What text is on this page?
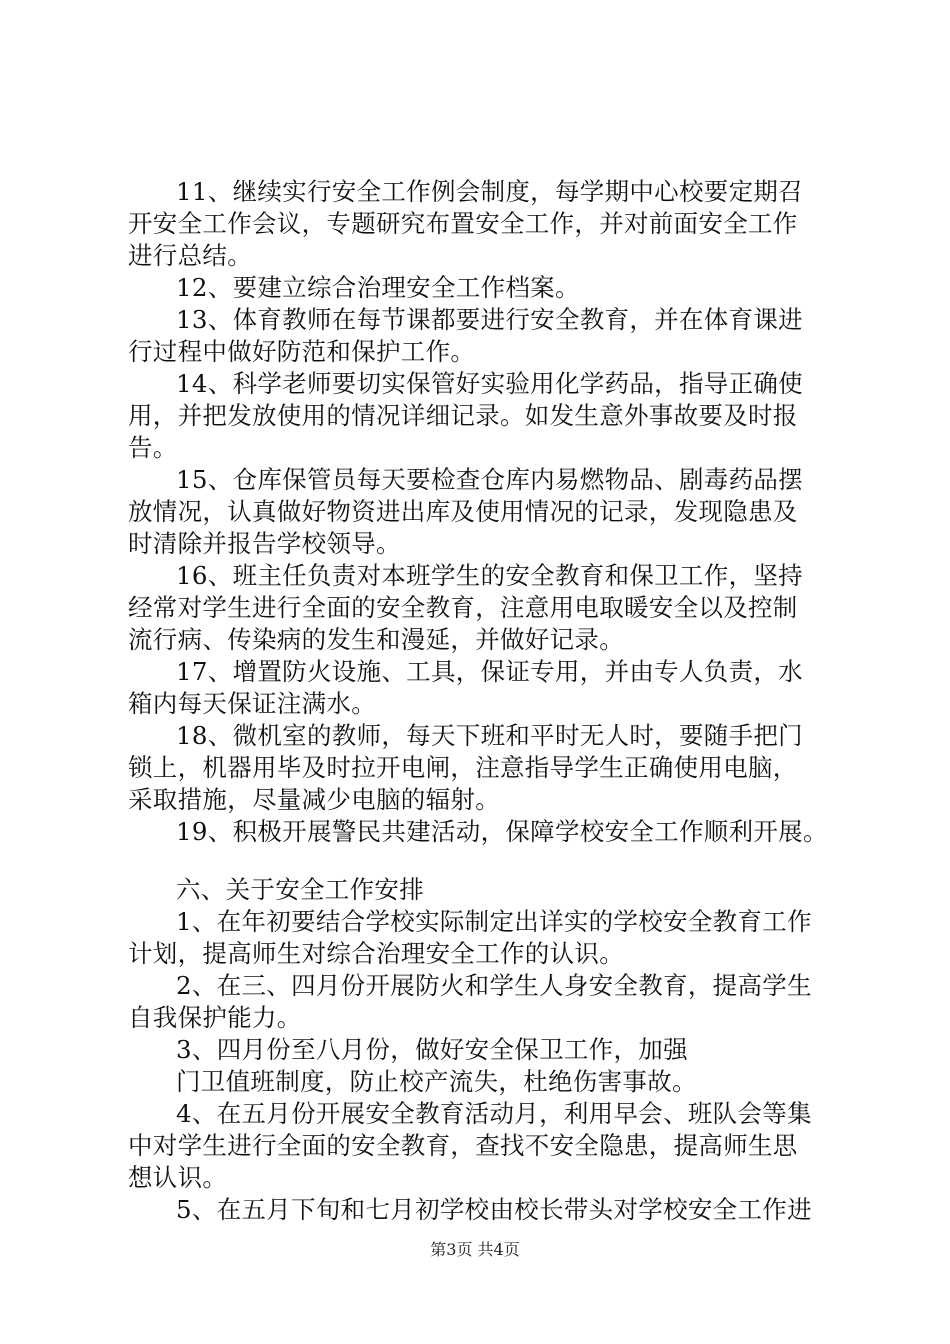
11、继续实行安全工作例会制度，每学期中心校要定期召
开安全工作会议，专题研究布置安全工作，并对前面安全工作
进行总结。
12、要建立综合治理安全工作档案。
13、体育教师在每节课都要进行安全教育，并在体育课进
行过程中做好防范和保护工作。
14、科学老师要切实保管好实验用化学药品，指导正确使
用，并把发放使用的情况详细记录。如发生意外事故要及时报
告。
15、仓库保管员每天要检查仓库内易燃物品、剧毒药品摆
放情况，认真做好物资进出库及使用情况的记录，发现隐患及
时清除并报告学校领导。
16、班主任负责对本班学生的安全教育和保卫工作，坚持
经常对学生进行全面的安全教育，注意用电取暖安全以及控制
流行病、传染病的发生和漫延，并做好记录。
17、增置防火设施、工具，保证专用，并由专人负责，水
箱内每天保证注满水。
18、微机室的教师，每天下班和平时无人时，要随手把门
锁上，机器用毕及时拉开电闸，注意指导学生正确使用电脑，
采取措施，尽量减少电脑的辐射。
19、积极开展警民共建活动，保障学校安全工作顺利开展。
六、关于安全工作安排
1、在年初要结合学校实际制定出详实的学校安全教育工作
计划，提高师生对综合治理安全工作的认识。
2、在三、四月份开展防火和学生人身安全教育，提高学生
自我保护能力。
3、四月份至八月份，做好安全保卫工作，加强
门卫值班制度，防止校产流失，杜绝伤害事故。
4、在五月份开展安全教育活动月，利用早会、班队会等集
中对学生进行全面的安全教育，查找不安全隐患，提高师生思
想认识。
5、在五月下旬和七月初学校由校长带头对学校安全工作进
第3页 共4页
